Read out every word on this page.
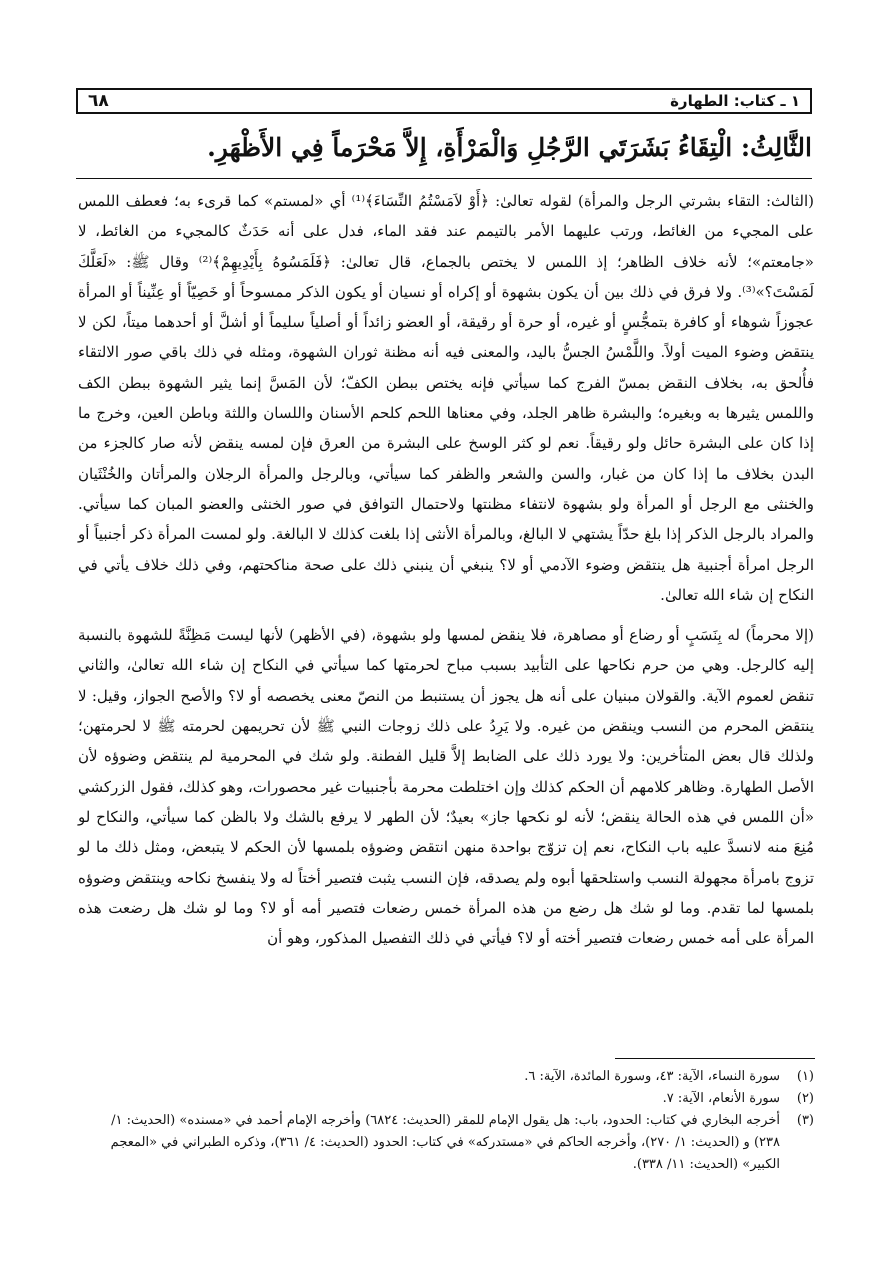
١ ـ كتاب: الطهارة
٦٨
الثَّالِثُ: الْتِقَاءُ بَشَرَتَي الرَّجُلِ وَالْمَرْأَةِ، إِلاَّ مَحْرَماً فِي الأَظْهَرِ.

(الثالث: التقاء بشرتي الرجل والمرأة) لقوله تعالىٰ: ﴿أَوْ لاَمَسْتُمُ النِّسَاءَ﴾⁽¹⁾ أي «لمستم» كما قرىء به؛ فعطف اللمس على المجيء من الغائط، ورتب عليهما الأمر بالتيمم عند فقد الماء، فدل على أنه حَدَثٌ كالمجيء من الغائط، لا «جامعتم»؛ لأنه خلاف الظاهر؛ إذ اللمس لا يختص بالجماع، قال تعالىٰ: ﴿فَلَمَسُوهُ بِأَيْدِيهِمْ﴾⁽²⁾ وقال ﷺ: «لَعَلَّكَ لَمَسْتَ؟»⁽³⁾. ولا فرق في ذلك بين أن يكون بشهوة أو إكراه أو نسيان أو يكون الذكر ممسوحاً أو خَصِيّاً أو عِنِّيناً أو المرأة عجوزاً شوهاء أو كافرة بتمجُّسٍ أو غيره، أو حرة أو رقيقة، أو العضو زائداً أو أصلياً سليماً أو أشلَّ أو أحدهما ميتاً، لكن لا ينتقض وضوء الميت أولاً. واللَّمْسُ الجسُّ باليد، والمعنى فيه أنه مظنة ثوران الشهوة، ومثله في ذلك باقي صور الالتقاء فأُلحق به، بخلاف النقض بمسّ الفرج كما سيأتي فإنه يختص ببطن الكفّ؛ لأن المَسَّ إنما يثير الشهوة ببطن الكف واللمس يثيرها به وبغيره؛ والبشرة ظاهر الجلد، وفي معناها اللحم كلحم الأسنان واللسان واللثة وباطن العين، وخرج ما إذا كان على البشرة حائل ولو رقيقاً. نعم لو كثر الوسخ على البشرة من العرق فإن لمسه ينقض لأنه صار كالجزء من البدن بخلاف ما إذا كان من غبار، والسن والشعر والظفر كما سيأتي، وبالرجل والمرأة الرجلان والمرأتان والخُنْثَيان والخنثى مع الرجل أو المرأة ولو بشهوة لانتفاء مظنتها ولاحتمال التوافق في صور الخنثى والعضو المبان كما سيأتي. والمراد بالرجل الذكر إذا بلغ حدّاً يشتهي لا البالغ، وبالمرأة الأنثى إذا بلغت كذلك لا البالغة. ولو لمست المرأة ذكر أجنبياً أو الرجل امرأة أجنبية هل ينتقض وضوء الآدمي أو لا؟ ينبغي أن ينبني ذلك على صحة مناكحتهم، وفي ذلك خلاف يأتي في النكاح إن شاء الله تعالىٰ.

(إلا محرماً) له بِنَسَبٍ أو رضاع أو مصاهرة، فلا ينقض لمسها ولو بشهوة، (في الأظهر) لأنها ليست مَظِنَّةً للشهوة بالنسبة إليه كالرجل. وهي من حرم نكاحها على التأبيد بسبب مباح لحرمتها كما سيأتي في النكاح إن شاء الله تعالىٰ، والثاني تنقض لعموم الآية. والقولان مبنيان على أنه هل يجوز أن يستنبط من النصّ معنى يخصصه أو لا؟ والأصح الجواز، وقيل: لا ينتقض المحرم من النسب وينقض من غيره. ولا يَرِدُ على ذلك زوجات النبي ﷺ لأن تحريمهن لحرمته ﷺ لا لحرمتهن؛ ولذلك قال بعض المتأخرين: ولا يورد ذلك على الضابط إلاَّ قليل الفطنة. ولو شك في المحرمية لم ينتقض وضوؤه لأن الأصل الطهارة. وظاهر كلامهم أن الحكم كذلك وإن اختلطت محرمة بأجنبيات غير محصورات، وهو كذلك، فقول الزركشي «أن اللمس في هذه الحالة ينقض؛ لأنه لو نكحها جاز» بعيدٌ؛ لأن الطهر لا يرفع بالشك ولا بالظن كما سيأتي، والنكاح لو مُنِعَ منه لانسدَّ عليه باب النكاح، نعم إن تزوّج بواحدة منهن انتقض وضوؤه بلمسها لأن الحكم لا يتبعض، ومثل ذلك ما لو تزوج بامرأة مجهولة النسب واستلحقها أبوه ولم يصدقه، فإن النسب يثبت فتصير أختاً له ولا ينفسخ نكاحه وينتقض وضوؤه بلمسها لما تقدم. وما لو شك هل رضع من هذه المرأة خمس رضعات فتصير أمه أو لا؟ وما لو شك هل رضعت هذه المرأة على أمه خمس رضعات فتصير أخته أو لا؟ فيأتي في ذلك التفصيل المذكور، وهو أن

(١)
سورة النساء، الآية: ٤٣، وسورة المائدة، الآية: ٦.
(٢)
سورة الأنعام، الآية: ٧.
(٣)
أخرجه البخاري في كتاب: الحدود، باب: هل يقول الإمام للمقر (الحديث: ٦٨٢٤) وأخرجه الإمام أحمد في «مسنده» (الحديث: ١/ ٢٣٨) و (الحديث: ١/ ٢٧٠)، وأخرجه الحاكم في «مستدركه» في كتاب: الحدود (الحديث: ٤/ ٣٦١)، وذكره الطبراني في «المعجم الكبير» (الحديث: ١١/ ٣٣٨).
